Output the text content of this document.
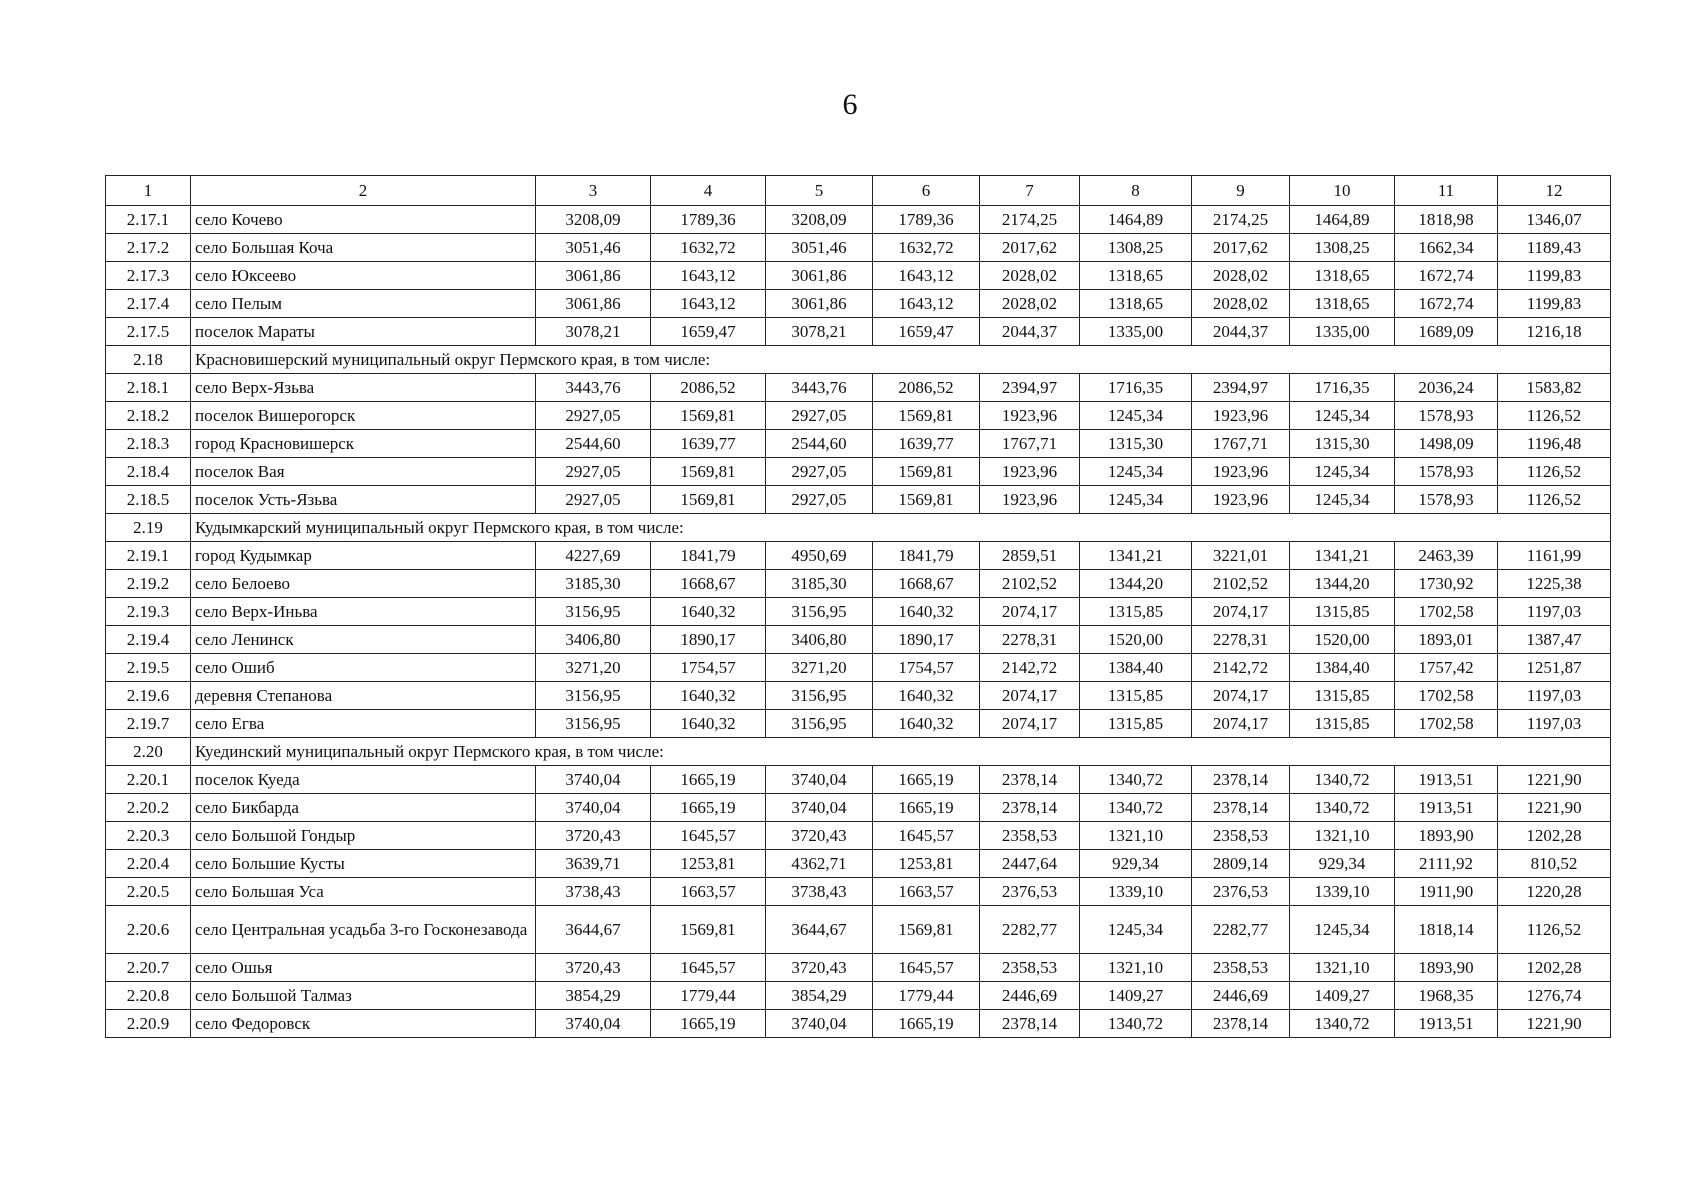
6
1	2	3	4	5	6	7	8	9	10	11	12
2.17.1	село Кочево	3208,09	1789,36	3208,09	1789,36	2174,25	1464,89	2174,25	1464,89	1818,98	1346,07
2.17.2	село Большая Коча	3051,46	1632,72	3051,46	1632,72	2017,62	1308,25	2017,62	1308,25	1662,34	1189,43
2.17.3	село Юксеево	3061,86	1643,12	3061,86	1643,12	2028,02	1318,65	2028,02	1318,65	1672,74	1199,83
2.17.4	село Пелым	3061,86	1643,12	3061,86	1643,12	2028,02	1318,65	2028,02	1318,65	1672,74	1199,83
2.17.5	поселок Мараты	3078,21	1659,47	3078,21	1659,47	2044,37	1335,00	2044,37	1335,00	1689,09	1216,18
2.18	Красновишерский муниципальный округ Пермского края, в том числе:										
2.18.1	село Верх-Язьва	3443,76	2086,52	3443,76	2086,52	2394,97	1716,35	2394,97	1716,35	2036,24	1583,82
2.18.2	поселок Вишерогорск	2927,05	1569,81	2927,05	1569,81	1923,96	1245,34	1923,96	1245,34	1578,93	1126,52
2.18.3	город Красновишерск	2544,60	1639,77	2544,60	1639,77	1767,71	1315,30	1767,71	1315,30	1498,09	1196,48
2.18.4	поселок Вая	2927,05	1569,81	2927,05	1569,81	1923,96	1245,34	1923,96	1245,34	1578,93	1126,52
2.18.5	поселок Усть-Язьва	2927,05	1569,81	2927,05	1569,81	1923,96	1245,34	1923,96	1245,34	1578,93	1126,52
2.19	Кудымкарский муниципальный округ Пермского края, в том числе:										
2.19.1	город Кудымкар	4227,69	1841,79	4950,69	1841,79	2859,51	1341,21	3221,01	1341,21	2463,39	1161,99
2.19.2	село Белоево	3185,30	1668,67	3185,30	1668,67	2102,52	1344,20	2102,52	1344,20	1730,92	1225,38
2.19.3	село Верх-Иньва	3156,95	1640,32	3156,95	1640,32	2074,17	1315,85	2074,17	1315,85	1702,58	1197,03
2.19.4	село Ленинск	3406,80	1890,17	3406,80	1890,17	2278,31	1520,00	2278,31	1520,00	1893,01	1387,47
2.19.5	село Ошиб	3271,20	1754,57	3271,20	1754,57	2142,72	1384,40	2142,72	1384,40	1757,42	1251,87
2.19.6	деревня Степанова	3156,95	1640,32	3156,95	1640,32	2074,17	1315,85	2074,17	1315,85	1702,58	1197,03
2.19.7	село Егва	3156,95	1640,32	3156,95	1640,32	2074,17	1315,85	2074,17	1315,85	1702,58	1197,03
2.20	Куединский муниципальный округ Пермского края, в том числе:										
2.20.1	поселок Куеда	3740,04	1665,19	3740,04	1665,19	2378,14	1340,72	2378,14	1340,72	1913,51	1221,90
2.20.2	село Бикбарда	3740,04	1665,19	3740,04	1665,19	2378,14	1340,72	2378,14	1340,72	1913,51	1221,90
2.20.3	село Большой Гондыр	3720,43	1645,57	3720,43	1645,57	2358,53	1321,10	2358,53	1321,10	1893,90	1202,28
2.20.4	село Большие Кусты	3639,71	1253,81	4362,71	1253,81	2447,64	929,34	2809,14	929,34	2111,92	810,52
2.20.5	село Большая Уса	3738,43	1663,57	3738,43	1663,57	2376,53	1339,10	2376,53	1339,10	1911,90	1220,28
2.20.6	село Центральная усадьба 3-го Госконезавода	3644,67	1569,81	3644,67	1569,81	2282,77	1245,34	2282,77	1245,34	1818,14	1126,52
2.20.7	село Ошья	3720,43	1645,57	3720,43	1645,57	2358,53	1321,10	2358,53	1321,10	1893,90	1202,28
2.20.8	село Большой Талмаз	3854,29	1779,44	3854,29	1779,44	2446,69	1409,27	2446,69	1409,27	1968,35	1276,74
2.20.9	село Федоровск	3740,04	1665,19	3740,04	1665,19	2378,14	1340,72	2378,14	1340,72	1913,51	1221,90
